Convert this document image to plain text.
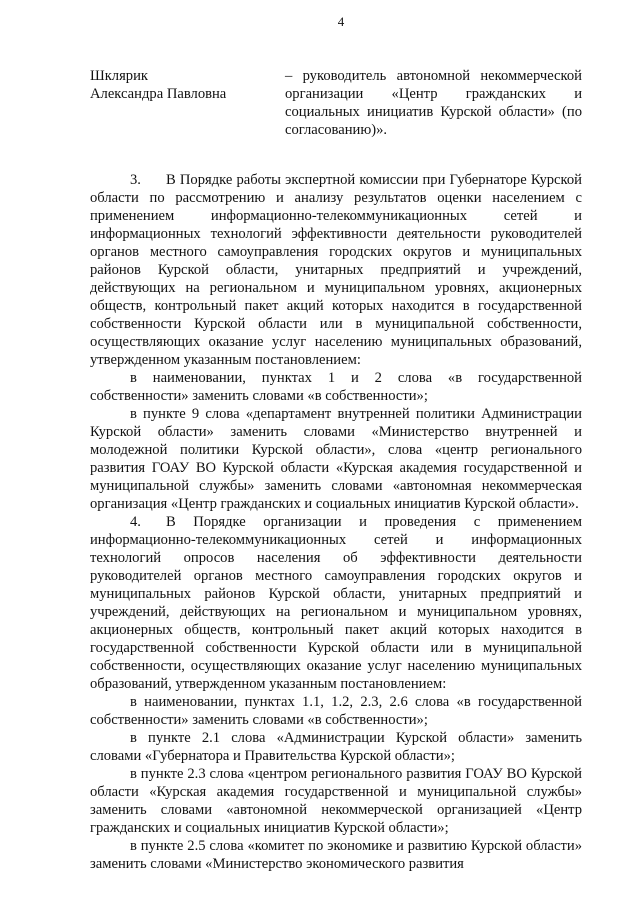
4
Шклярик
Александра Павловна
– руководитель автономной некоммерческой организации «Центр гражданских и социальных инициатив Курской области» (по согласованию)».

3. В Порядке работы экспертной комиссии при Губернаторе Курской области по рассмотрению и анализу результатов оценки населением с применением информационно-телекоммуникационных сетей и информационных технологий эффективности деятельности руководителей органов местного самоуправления городских округов и муниципальных районов Курской области, унитарных предприятий и учреждений, действующих на региональном и муниципальном уровнях, акционерных обществ, контрольный пакет акций которых находится в государственной собственности Курской области или в муниципальной собственности, осуществляющих оказание услуг населению муниципальных образований, утвержденном указанным постановлением:

в наименовании, пунктах 1 и 2 слова «в государственной собственности» заменить словами «в собственности»;

в пункте 9 слова «департамент внутренней политики Администрации Курской области» заменить словами «Министерство внутренней и молодежной политики Курской области», слова «центр регионального развития ГОАУ ВО Курской области «Курская академия государственной и муниципальной службы» заменить словами «автономная некоммерческая организация «Центр гражданских и социальных инициатив Курской области».

4. В Порядке организации и проведения с применением информационно-телекоммуникационных сетей и информационных технологий опросов населения об эффективности деятельности руководителей органов местного самоуправления городских округов и муниципальных районов Курской области, унитарных предприятий и учреждений, действующих на региональном и муниципальном уровнях, акционерных обществ, контрольный пакет акций которых находится в государственной собственности Курской области или в муниципальной собственности, осуществляющих оказание услуг населению муниципальных образований, утвержденном указанным постановлением:

в наименовании, пунктах 1.1, 1.2, 2.3, 2.6 слова «в государственной собственности» заменить словами «в собственности»;

в пункте 2.1 слова «Администрации Курской области» заменить словами «Губернатора и Правительства Курской области»;

в пункте 2.3 слова «центром регионального развития ГОАУ ВО Курской области «Курская академия государственной и муниципальной службы» заменить словами «автономной некоммерческой организацией «Центр гражданских и социальных инициатив Курской области»;

в пункте 2.5 слова «комитет по экономике и развитию Курской области» заменить словами «Министерство экономического развития
